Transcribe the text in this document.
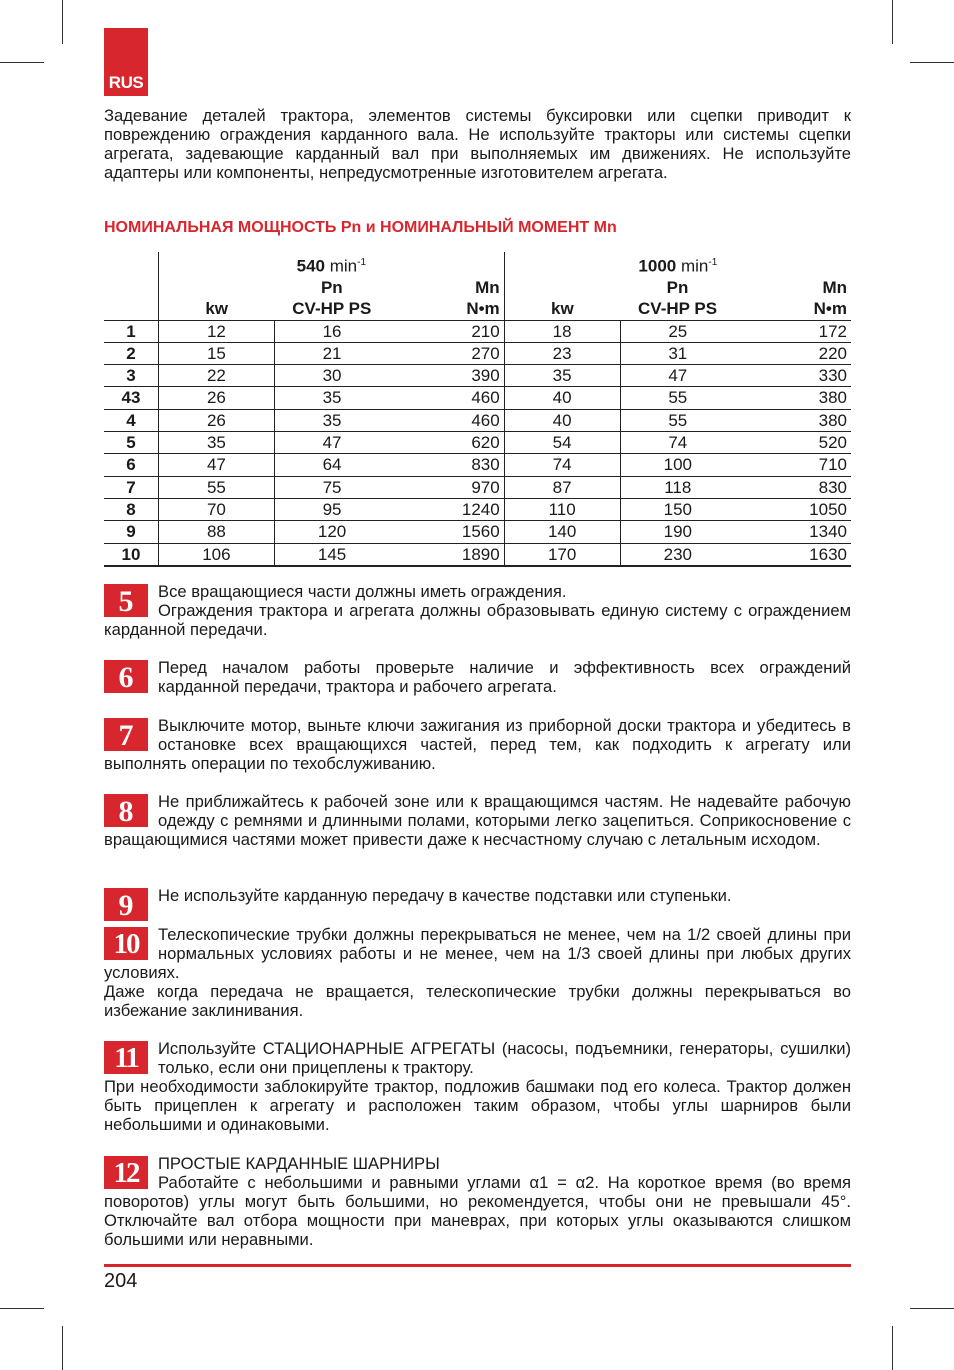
RUS

Задевание деталей трактора, элементов системы буксировки или сцепки приводит к повреждению ограждения карданного вала. Не используйте тракторы или системы сцепки агрегата, задевающие карданный вал при выполняемых им движениях. Не используйте адаптеры или компоненты, непредусмотренные изготовителем агрегата.

НОМИНАЛЬНАЯ МОЩНОСТЬ Pn и НОМИНАЛЬНЫЙ МОМЕНТ Mn

	540 $\min^{-1}$			1000 $\min^{-1}$
		Pn	Mn		Pn	Mn
	kw	CV-HP PS	N•m	kw	CV-HP PS	N•m
1	12	16	210	18	25	172
2	15	21	270	23	31	220
3	22	30	390	35	47	330
43	26	35	460	40	55	380
4	26	35	460	40	55	380
5	35	47	620	54	74	520
6	47	64	830	74	100	710
7	55	75	970	87	118	830
8	70	95	1240	110	150	1050
9	88	120	1560	140	190	1340
10	106	145	1890	170	230	1630
5	Все вращающиеся части должны иметь ограждения.

Ограждения трактора и агрегата должны образовывать единую систему с ограждением карданной передачи.

6	Перед началом работы проверьте наличие и эффективность всех ограждений карданной передачи, трактора и рабочего агрегата.

7	Выключите мотор, выньте ключи зажигания из приборной доски трактора и убедитесь в остановке всех вращающихся частей, перед тем, как подходить к агрегату или выполнять операции по техобслуживанию.

8	Не приближайтесь к рабочей зоне или к вращающимся частям. Не надевайте рабочую одежду с ремнями и длинными полами, которыми легко зацепиться. Соприкосновение с вращающимися частями может привести даже к несчастному случаю с летальным исходом.

9	Не используйте карданную передачу в качестве подставки или ступеньки.

10	Телескопические трубки должны перекрываться не менее, чем на 1/2 своей длины при нормальных условиях работы и не менее, чем на 1/3 своей длины при любых других условиях.

Даже когда передача не вращается, телескопические трубки должны перекрываться во избежание заклинивания.

11	Используйте СТАЦИОНАРНЫЕ АГРЕГАТЫ (насосы, подъемники, генераторы, сушилки) только, если они прицеплены к трактору.

При необходимости заблокируйте трактор, подложив башмаки под его колеса. Трактор должен быть прицеплен к агрегату и расположен таким образом, чтобы углы шарниров были небольшими и одинаковыми.

12	ПРОСТЫЕ КАРДАННЫЕ ШАРНИРЫ

Работайте с небольшими и равными углами α1 = α2. На короткое время (во время поворотов) углы могут быть большими, но рекомендуется, чтобы они не превышали 45°. Отключайте вал отбора мощности при маневрах, при которых углы оказываются слишком большими или неравными.

204
